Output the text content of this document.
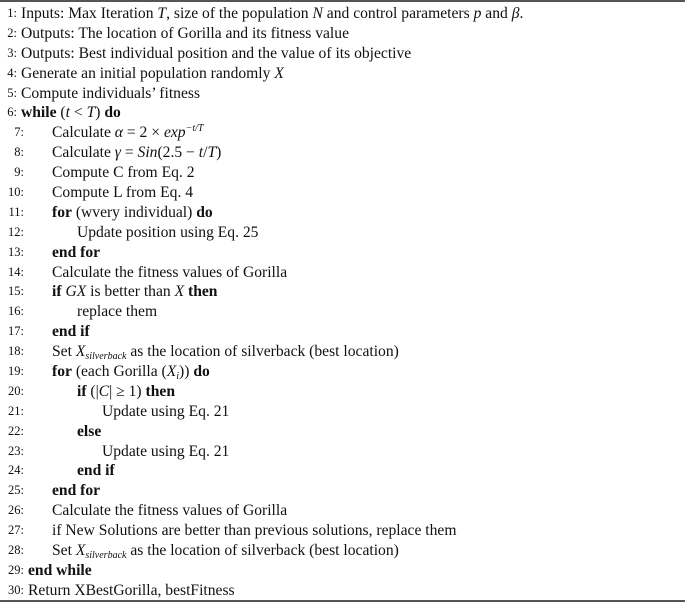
1: Inputs: Max Iteration T, size of the population N and control parameters p and β.
2: Outputs: The location of Gorilla and its fitness value
3: Outputs: Best individual position and the value of its objective
4: Generate an initial population randomly X
5: Compute individuals’ fitness
6: while (t < T) do
7: Calculate $\alpha = 2 \times \exp^{-t/T}$
8: Calculate γ = Sin(2.5 − t/T)
9: Compute C from Eq. 2
10: Compute L from Eq. 4
11: for (wvery individual) do
12:	Update position using Eq. 25
13: end for
14: Calculate the fitness values of Gorilla
15: if GX is better than X then
16:	replace them
17: end if
18: Set $X_{silverback}$ as the location of silverback (best location)
19: for (each Gorilla $(X_i)$) do
20:	if (|C| ≥ 1) then
21:	Update using Eq. 21
22:	else
23:	Update using Eq. 21
24:	end if
25: end for
26: Calculate the fitness values of Gorilla
27: if New Solutions are better than previous solutions, replace them
28: Set $X_{silverback}$ as the location of silverback (best location)
29: end while
30: Return XBestGorilla, bestFitness
